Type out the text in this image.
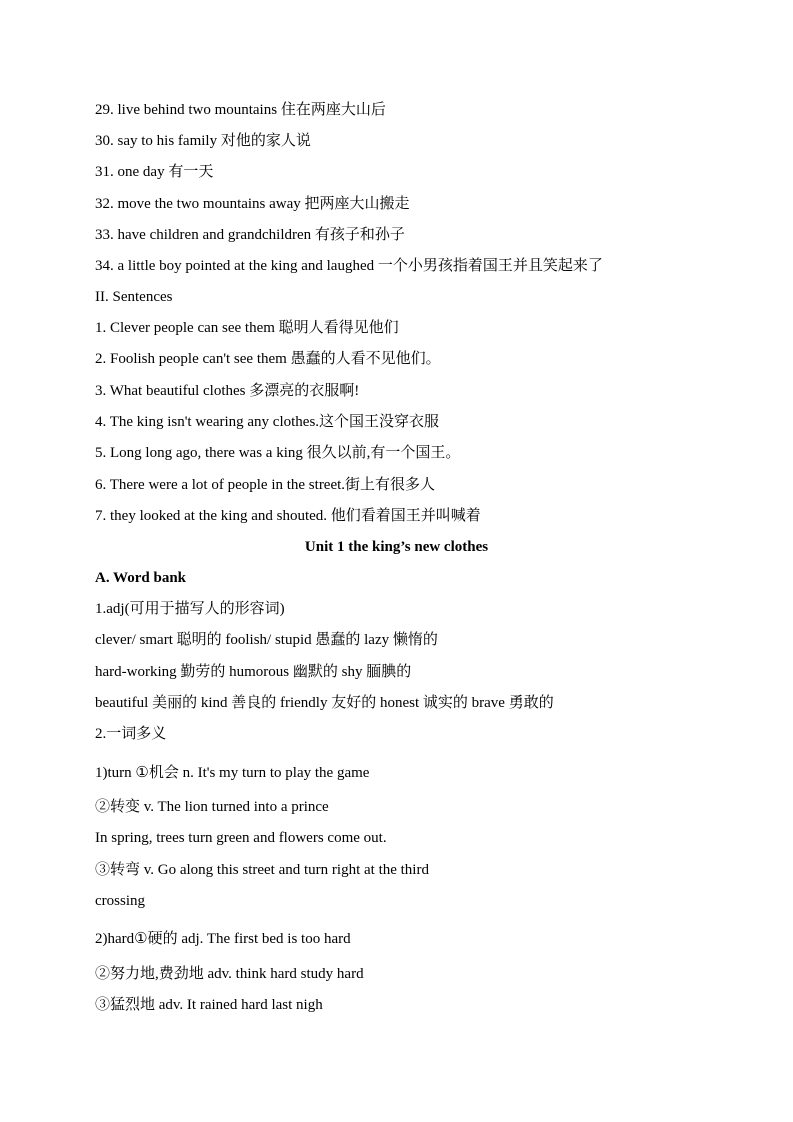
29. live behind two mountains 住在两座大山后
30. say to his family 对他的家人说
31. one day 有一天
32. move the two mountains away 把两座大山搬走
33. have children and grandchildren 有孩子和孙子
34. a little boy pointed at the king and laughed 一个小男孩指着国王并且笑起来了
II. Sentences
1. Clever people can see them 聪明人看得见他们
2. Foolish people can't see them 愚蠢的人看不见他们。
3. What beautiful clothes 多漂亮的衣服啊!
4. The king isn't wearing any clothes.这个国王没穿衣服
5. Long long ago, there was a king 很久以前,有一个国王。
6. There were a lot of people in the street.街上有很多人
7. they looked at the king and shouted. 他们看着国王并叫喊着
Unit 1 the king’s new clothes
A. Word bank
1.adj(可用于描写人的形容词)
clever/ smart 聪明的 foolish/ stupid 愚蠢的 lazy 懒惰的
hard-working 勤劳的 humorous 幽默的 shy 腼腆的
beautiful 美丽的 kind 善良的 friendly 友好的 honest 诚实的 brave 勇敢的
2.一词多义
1)turn ①机会 n. It's my turn to play the game
②转变 v. The lion turned into a prince
In spring, trees turn green and flowers come out.
③转弯 v. Go along this street and turn right at the third
crossing
2)hard①硬的 adj. The first bed is too hard
②努力地,费劲地 adv. think hard study hard
③猛烈地 adv. It rained hard last nigh
